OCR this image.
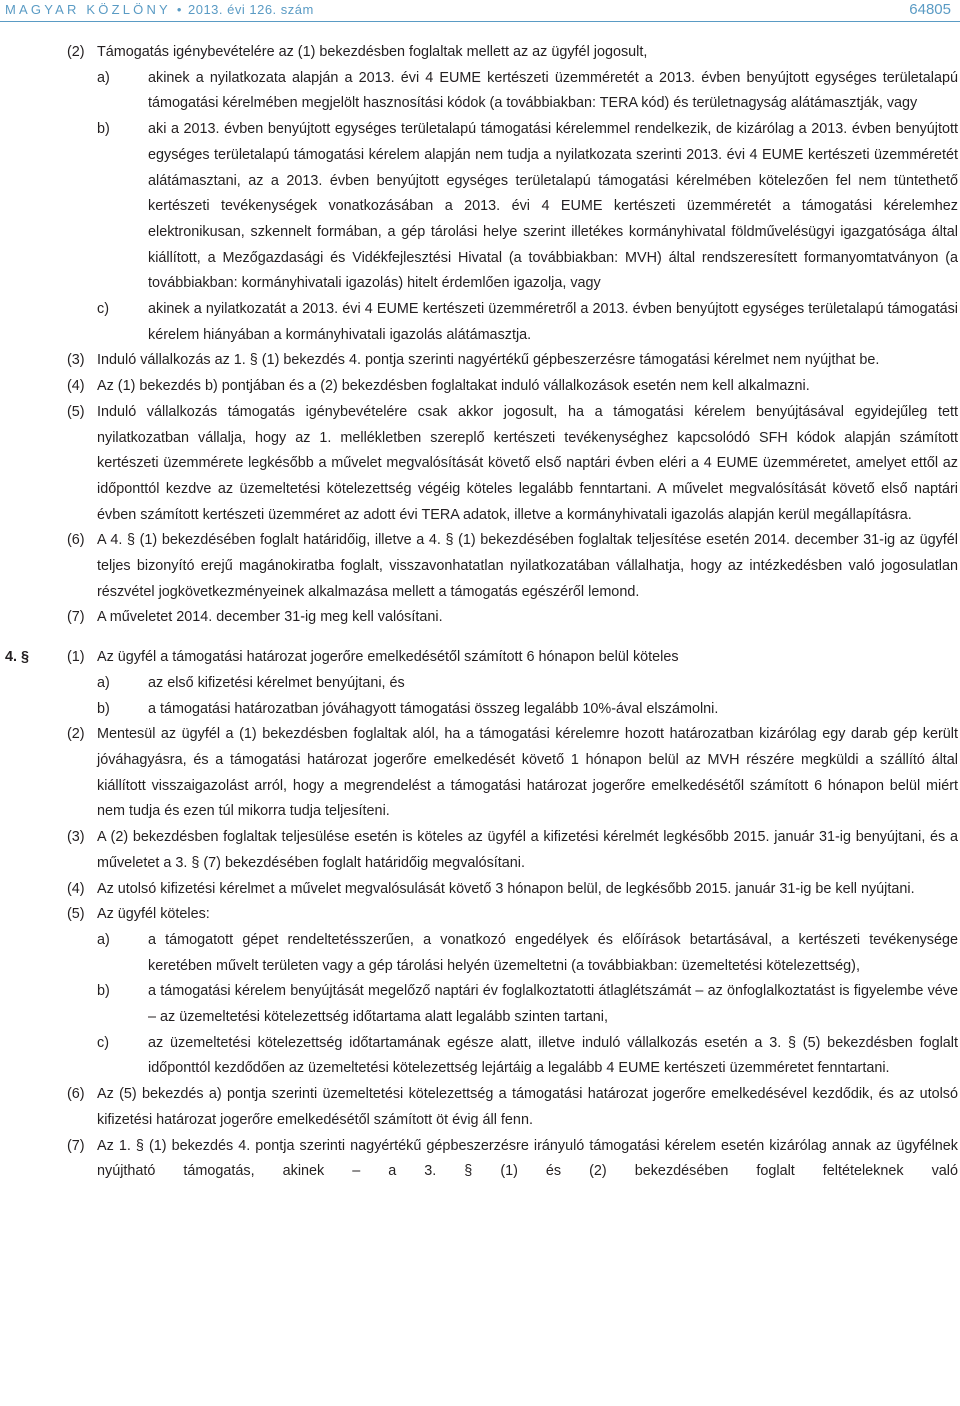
MAGYAR KÖZLÖNY • 2013. évi 126. szám	64805
(2) Támogatás igénybevételére az (1) bekezdésben foglaltak mellett az az ügyfél jogosult,
a)	akinek a nyilatkozata alapján a 2013. évi 4 EUME kertészeti üzemméretét a 2013. évben benyújtott egységes területalapú támogatási kérelmében megjelölt hasznosítási kódok (a továbbiakban: TERA kód) és területnagyság alátámasztják, vagy
b)	aki a 2013. évben benyújtott egységes területalapú támogatási kérelemmel rendelkezik, de kizárólag a 2013. évben benyújtott egységes területalapú támogatási kérelem alapján nem tudja a nyilatkozata szerinti 2013. évi 4 EUME kertészeti üzemméretét alátámasztani, az a 2013. évben benyújtott egységes területalapú támogatási kérelmében kötelezően fel nem tüntethető kertészeti tevékenységek vonatkozásában a 2013. évi 4 EUME kertészeti üzemméretét a támogatási kérelemhez elektronikusan, szkennelt formában, a gép tárolási helye szerint illetékes kormányhivatal földművelésügyi igazgatósága által kiállított, a Mezőgazdasági és Vidékfejlesztési Hivatal (a továbbiakban: MVH) által rendszeresített formanyomtatványon (a továbbiakban: kormányhivatali igazolás) hitelt érdemlően igazolja, vagy
c)	akinek a nyilatkozatát a 2013. évi 4 EUME kertészeti üzemméretről a 2013. évben benyújtott egységes területalapú támogatási kérelem hiányában a kormányhivatali igazolás alátámasztja.
(3) Induló vállalkozás az 1. § (1) bekezdés 4. pontja szerinti nagyértékű gépbeszerzésre támogatási kérelmet nem nyújthat be.
(4) Az (1) bekezdés b) pontjában és a (2) bekezdésben foglaltakat induló vállalkozások esetén nem kell alkalmazni.
(5) Induló vállalkozás támogatás igénybevételére csak akkor jogosult, ha a támogatási kérelem benyújtásával egyidejűleg tett nyilatkozatban vállalja, hogy az 1. mellékletben szereplő kertészeti tevékenységhez kapcsolódó SFH kódok alapján számított kertészeti üzemmérete legkésőbb a művelet megvalósítását követő első naptári évben eléri a 4 EUME üzemméretet, amelyet ettől az időponttól kezdve az üzemeltetési kötelezettség végéig köteles legalább fenntartani. A művelet megvalósítását követő első naptári évben számított kertészeti üzemméret az adott évi TERA adatok, illetve a kormányhivatali igazolás alapján kerül megállapításra.
(6) A 4. § (1) bekezdésében foglalt határidőig, illetve a 4. § (1) bekezdésében foglaltak teljesítése esetén 2014. december 31-ig az ügyfél teljes bizonyító erejű magánokiratba foglalt, visszavonhatatlan nyilatkozatában vállalhatja, hogy az intézkedésben való jogosulatlan részvétel jogkövetkezményeinek alkalmazása mellett a támogatás egészéről lemond.
(7) A műveletet 2014. december 31-ig meg kell valósítani.
4. §	(1) Az ügyfél a támogatási határozat jogerőre emelkedésétől számított 6 hónapon belül köteles
a)	az első kifizetési kérelmet benyújtani, és
b)	a támogatási határozatban jóváhagyott támogatási összeg legalább 10%-ával elszámolni.
(2) Mentesül az ügyfél a (1) bekezdésben foglaltak alól, ha a támogatási kérelemre hozott határozatban kizárólag egy darab gép került jóváhagyásra, és a támogatási határozat jogerőre emelkedését követő 1 hónapon belül az MVH részére megküldi a szállító által kiállított visszaigazolást arról, hogy a megrendelést a támogatási határozat jogerőre emelkedésétől számított 6 hónapon belül miért nem tudja és ezen túl mikorra tudja teljesíteni.
(3) A (2) bekezdésben foglaltak teljesülése esetén is köteles az ügyfél a kifizetési kérelmét legkésőbb 2015. január 31-ig benyújtani, és a műveletet a 3. § (7) bekezdésében foglalt határidőig megvalósítani.
(4) Az utolsó kifizetési kérelmet a művelet megvalósulását követő 3 hónapon belül, de legkésőbb 2015. január 31-ig be kell nyújtani.
(5) Az ügyfél köteles:
a)	a támogatott gépet rendeltetésszerűen, a vonatkozó engedélyek és előírások betartásával, a kertészeti tevékenysége keretében művelt területen vagy a gép tárolási helyén üzemeltetni (a továbbiakban: üzemeltetési kötelezettség),
b)	a támogatási kérelem benyújtását megelőző naptári év foglalkoztatotti átlaglétszámát – az önfoglalkoztatást is figyelembe véve – az üzemeltetési kötelezettség időtartama alatt legalább szinten tartani,
c)	az üzemeltetési kötelezettség időtartamának egésze alatt, illetve induló vállalkozás esetén a 3. § (5) bekezdésben foglalt időponttól kezdődően az üzemeltetési kötelezettség lejártáig a legalább 4 EUME kertészeti üzemméretet fenntartani.
(6) Az (5) bekezdés a) pontja szerinti üzemeltetési kötelezettség a támogatási határozat jogerőre emelkedésével kezdődik, és az utolsó kifizetési határozat jogerőre emelkedésétől számított öt évig áll fenn.
(7) Az 1. § (1) bekezdés 4. pontja szerinti nagyértékű gépbeszerzésre irányuló támogatási kérelem esetén kizárólag annak az ügyfélnek nyújtható támogatás, akinek – a 3. § (1) és (2) bekezdésében foglalt feltételeknek való
